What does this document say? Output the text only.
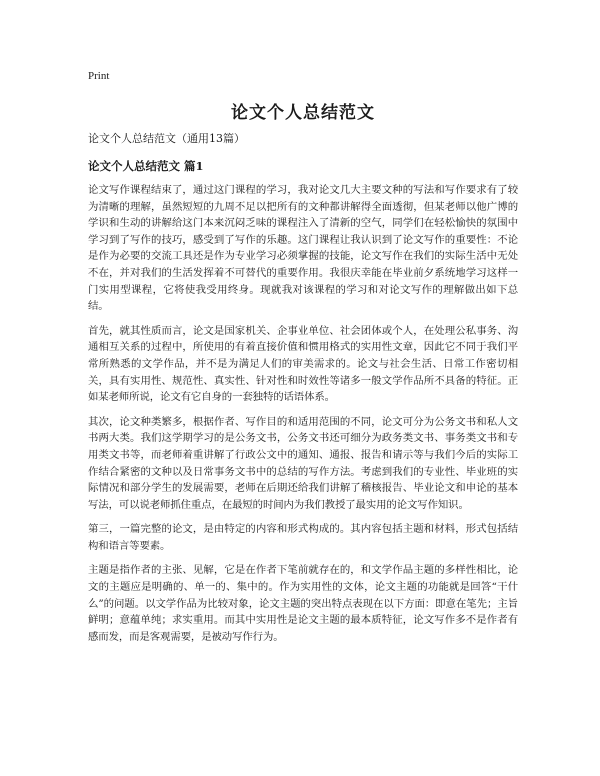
Print

论文个人总结范文

论文个人总结范文（通用13篇）

论文个人总结范文 篇1

论文写作课程结束了，通过这门课程的学习，我对论文几大主要文种的写法和写作要求有了较为清晰的理解，虽然短短的九周不足以把所有的文种都讲解得全面透彻，但某老师以他广博的学识和生动的讲解给这门本来沉闷乏味的课程注入了清新的空气，同学们在轻松愉快的氛围中学习到了写作的技巧，感受到了写作的乐趣。这门课程让我认识到了论文写作的重要性：不论是作为必要的交流工具还是作为专业学习必须掌握的技能，论文写作在我们的实际生活中无处不在，并对我们的生活发挥着不可替代的重要作用。我很庆幸能在毕业前夕系统地学习这样一门实用型课程，它将使我受用终身。现就我对该课程的学习和对论文写作的理解做出如下总结。

首先，就其性质而言，论文是国家机关、企事业单位、社会团体或个人，在处理公私事务、沟通相互关系的过程中，所使用的有着直接价值和惯用格式的实用性文章，因此它不同于我们平常所熟悉的文学作品，并不是为满足人们的审美需求的。论文与社会生活、日常工作密切相关，具有实用性、规范性、真实性、针对性和时效性等诸多一般文学作品所不具备的特征。正如某老师所说，论文有它自身的一套独特的话语体系。

其次，论文种类繁多，根据作者、写作目的和适用范围的不同，论文可分为公务文书和私人文书两大类。我们这学期学习的是公务文书，公务文书还可细分为政务类文书、事务类文书和专用类文书等，而老师着重讲解了行政公文中的通知、通报、报告和请示等与我们今后的实际工作结合紧密的文种以及日常事务文书中的总结的写作方法。考虑到我们的专业性、毕业班的实际情况和部分学生的发展需要，老师在后期还给我们讲解了稽核报告、毕业论文和申论的基本写法，可以说老师抓住重点，在最短的时间内为我们教授了最实用的论文写作知识。

第三，一篇完整的论文，是由特定的内容和形式构成的。其内容包括主题和材料，形式包括结构和语言等要素。

主题是指作者的主张、见解，它是在作者下笔前就存在的，和文学作品主题的多样性相比，论文的主题应是明确的、单一的、集中的。作为实用性的文体，论文主题的功能就是回答“干什么”的问题。以文学作品为比较对象，论文主题的突出特点表现在以下方面：即意在笔先；主旨鲜明；意蕴单纯；求实重用。而其中实用性是论文主题的最本质特征，论文写作多不是作者有感而发，而是客观需要，是被动写作行为。
